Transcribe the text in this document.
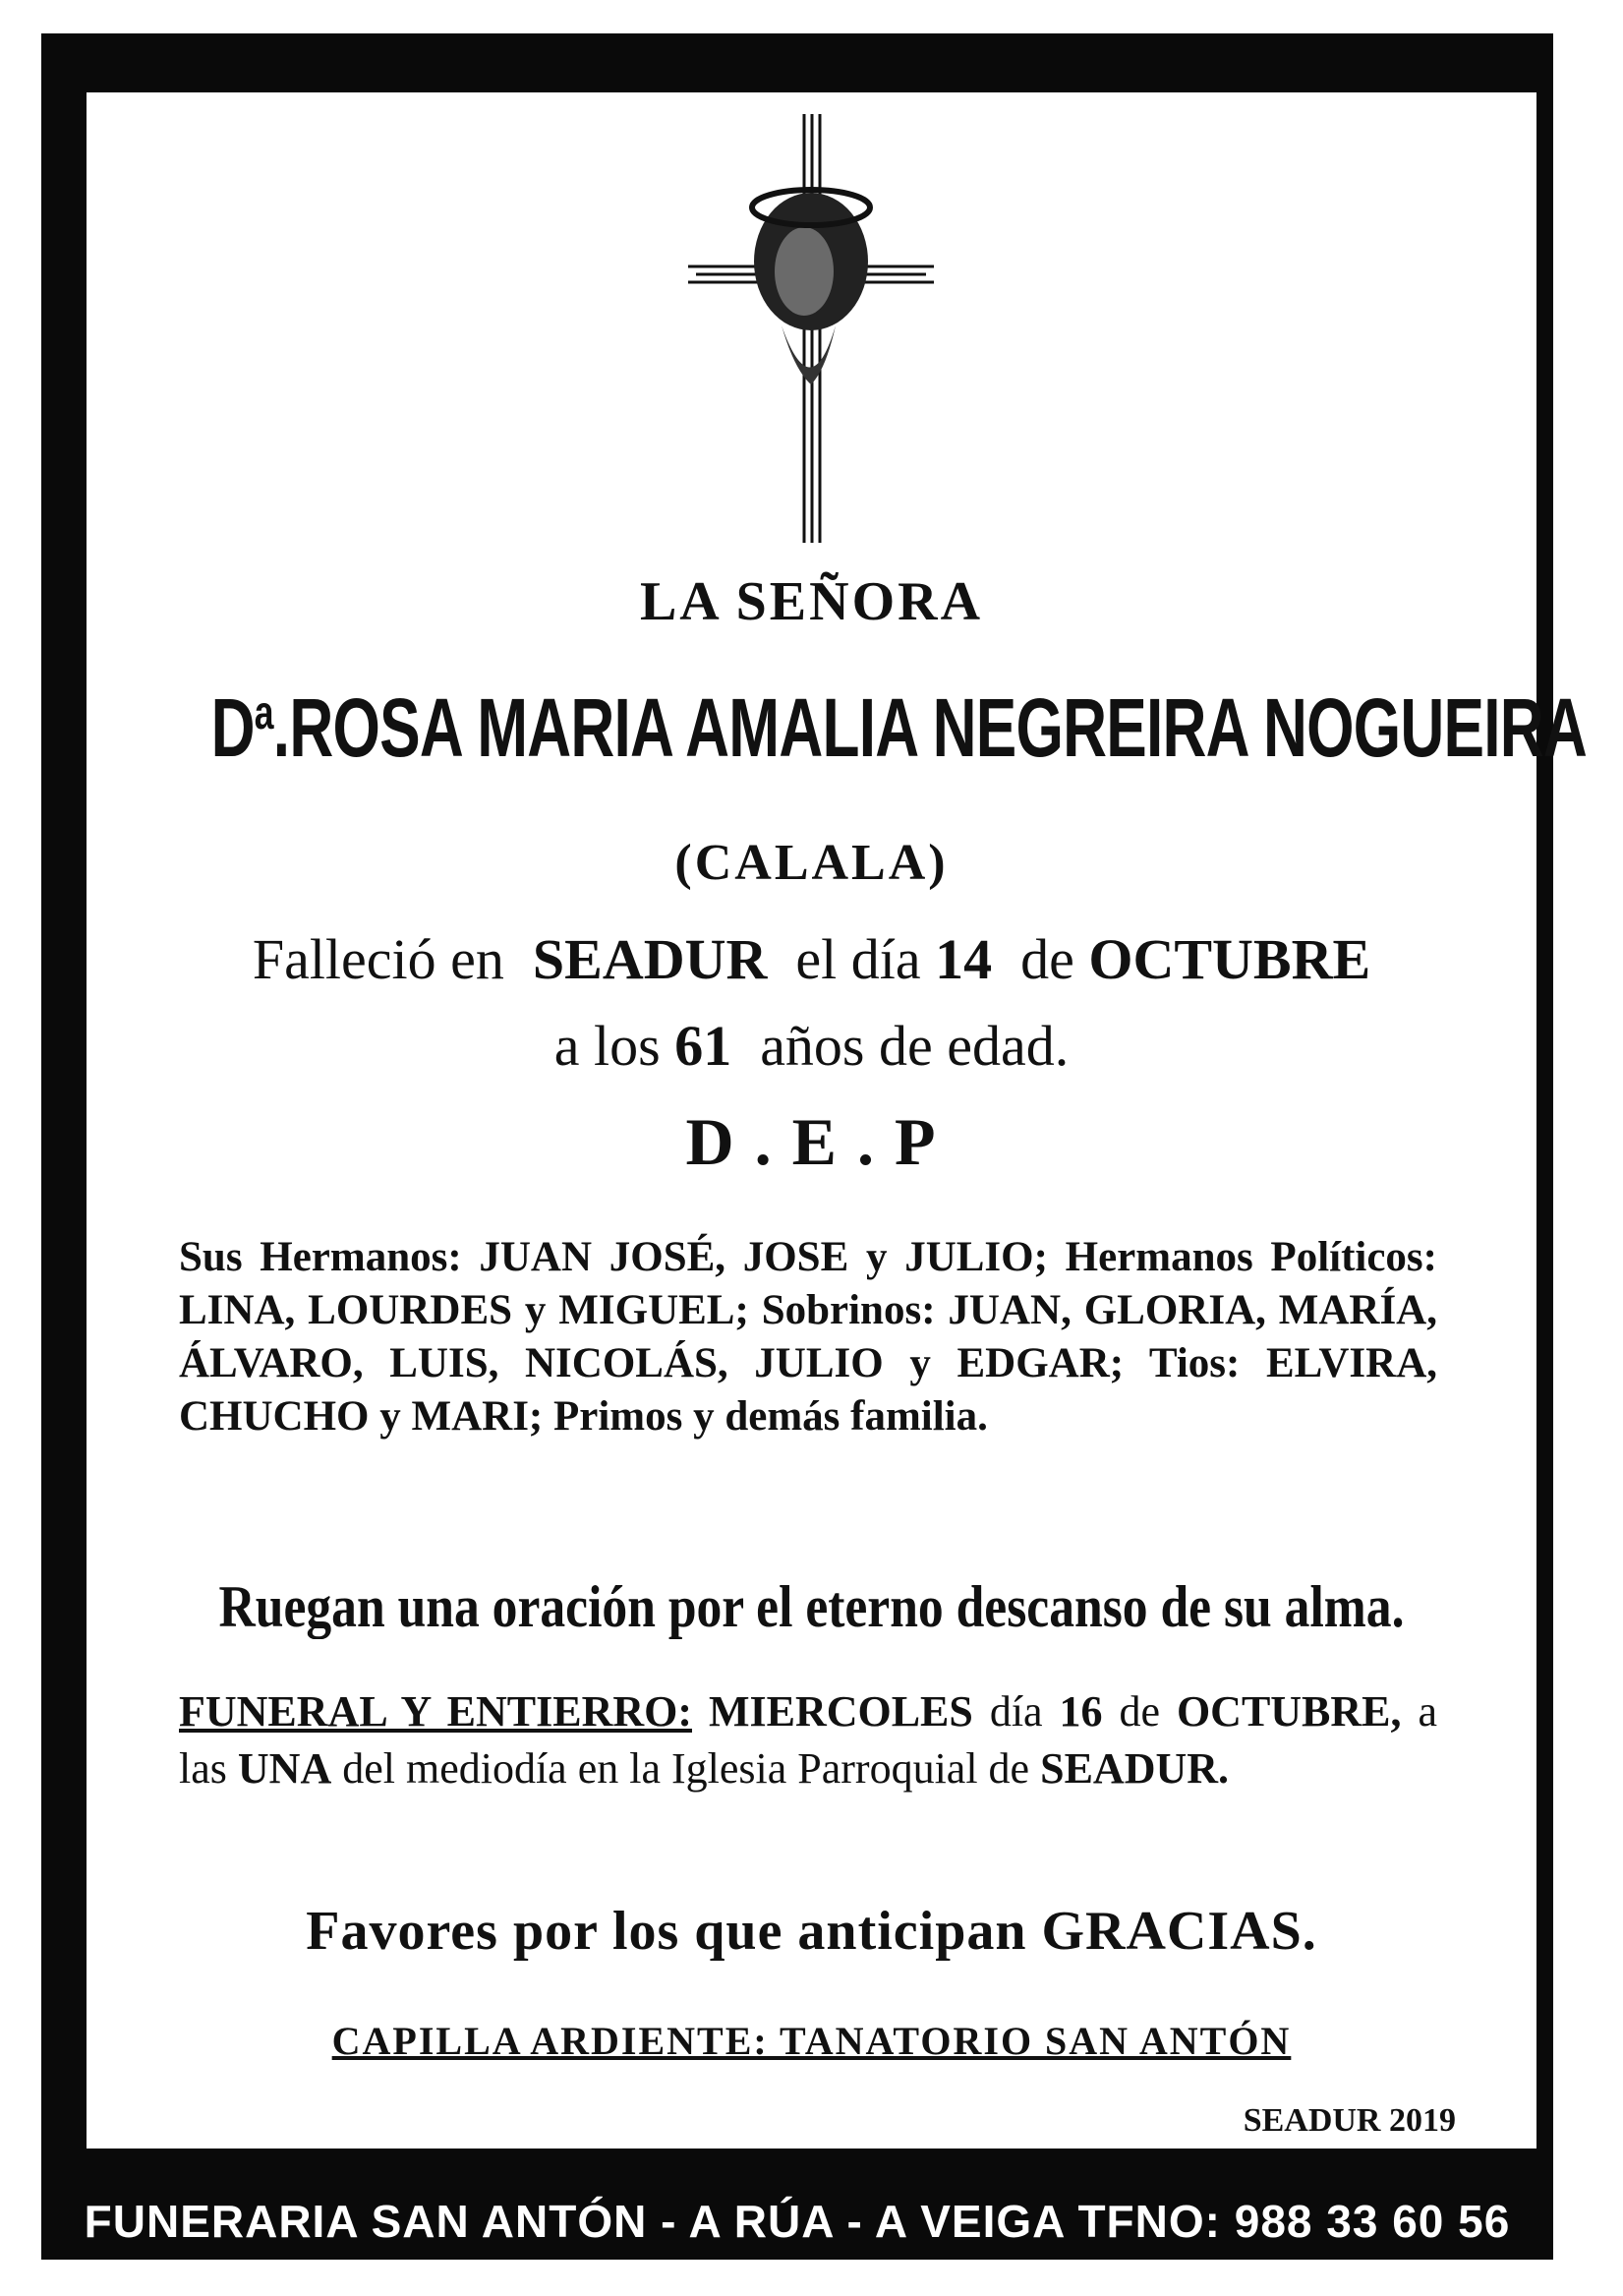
LA SEÑORA
$D^a.ROSA$ MARIA AMALIA NEGREIRA NOGUEIRA
(CALALA)
Falleció en SEADUR el día 14 de OCTUBRE
a los 61 años de edad.
D . E . P
Sus Hermanos: JUAN JOSÉ, JOSE y JULIO; Hermanos Políticos: LINA, LOURDES y MIGUEL; Sobrinos: JUAN, GLORIA, MARÍA, ÁLVARO, LUIS, NICOLÁS, JULIO y EDGAR; Tios: ELVIRA, CHUCHO y MARI; Primos y demás familia.
Ruegan una oración por el eterno descanso de su alma.
FUNERAL Y ENTIERRO: MIERCOLES día 16 de OCTUBRE, a las UNA del mediodía en la Iglesia Parroquial de SEADUR.
Favores por los que anticipan GRACIAS.
CAPILLA ARDIENTE: TANATORIO SAN ANTÓN
SEADUR 2019
FUNERARIA SAN ANTÓN - A RÚA - A VEIGA TFNO: 988 33 60 56
